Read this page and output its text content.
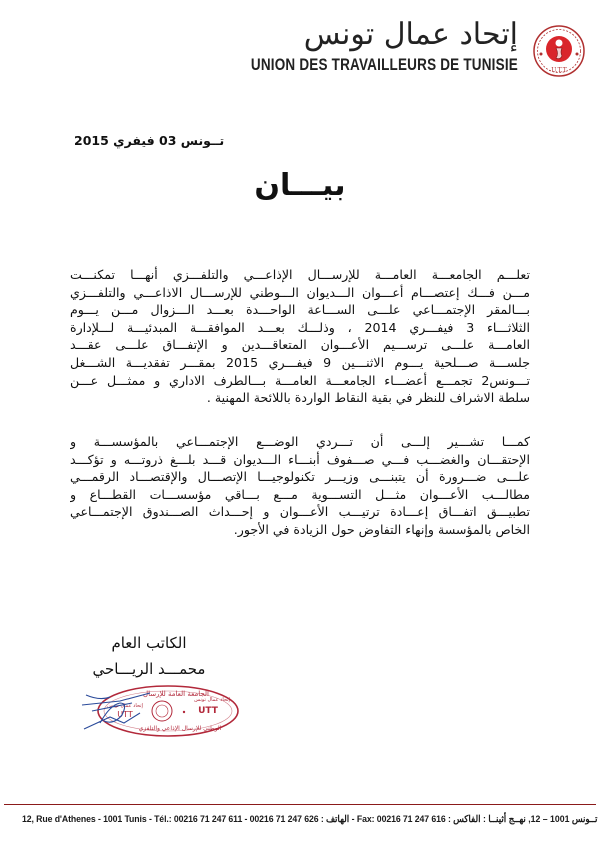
إتحاد عمال تونس
UNION DES TRAVAILLEURS DE TUNISIE	U.T.T
تــونس 03 فيفري 2015
بيـــان
تعلـــم الجامعـــة العامـــة للإرســـال الإذاعـــي والتلفـــزي أنهـــا تمكنـــت
مـــن فـــك إعتصـــام أعـــوان الـــديوان الـــوطني للإرســـال الاذاعـــي والتلفـــزي
بـــالمقر الإجتمـــاعي علـــى الســـاعة الواحـــدة بعـــد الـــزوال مـــن يـــوم
الثلاثـــاء 3 فيفـــري 2014 ، وذلـــك بعـــد الموافقـــة المبدئيـــة لـــلإدارة
العامـــة علـــى ترســـيم الأعـــوان المتعاقـــدين و الإتفـــاق علـــى عقـــد
جلســـة صـــلحية يـــوم الاثنـــين 9 فيفـــري 2015 بمقـــر تفقديـــة الشـــغل
تـــونس2 تجمـــع أعضـــاء الجامعـــة العامـــة بـــالطرف الاداري و ممثـــل عـــن
سلطة الاشراف للنظر في بقية النقاط الواردة باللائحة المهنية .
كمـــا تشـــير إلـــى أن تـــردي الوضـــع الإجتمـــاعي بالمؤسســـة و
الإحتقـــان والغضـــب فـــي صـــفوف أبنـــاء الـــديوان قـــد بلـــغ ذروتـــه و تؤكـــد
علـــى ضـــرورة أن يتبنـــى وزيـــر تكنولوجيـــا الإتصـــال والإقتصـــاد الرقمـــي
مطالـــب الأعـــوان مثـــل التســـوية مـــع بـــاقي مؤسســـات القطـــاع و
تطبيـــق اتفـــاق إعـــادة ترتيـــب الأعـــوان و إحـــداث الصـــندوق الإجتمـــاعي
الخاص بالمؤسسة وإنهاء التفاوض حول الزيادة في الأجور.
الكاتب العام
محمـــد الريـــاحي
الجامعة العامة للإرسال
UTT
إتحاد عمال تونس
إتحاد عمال تونس
UTT
الوطني للإرسال الإذاعي والتلفزي
12, Rue d'Athenes - 1001 Tunis - Tél.: 00216 71 247 611 - 00216 71 247 626 : الهاتف - Fax: 00216 71 247 616 : الفاكس : تــونس 1001 – 12, نهــج أثينــا
